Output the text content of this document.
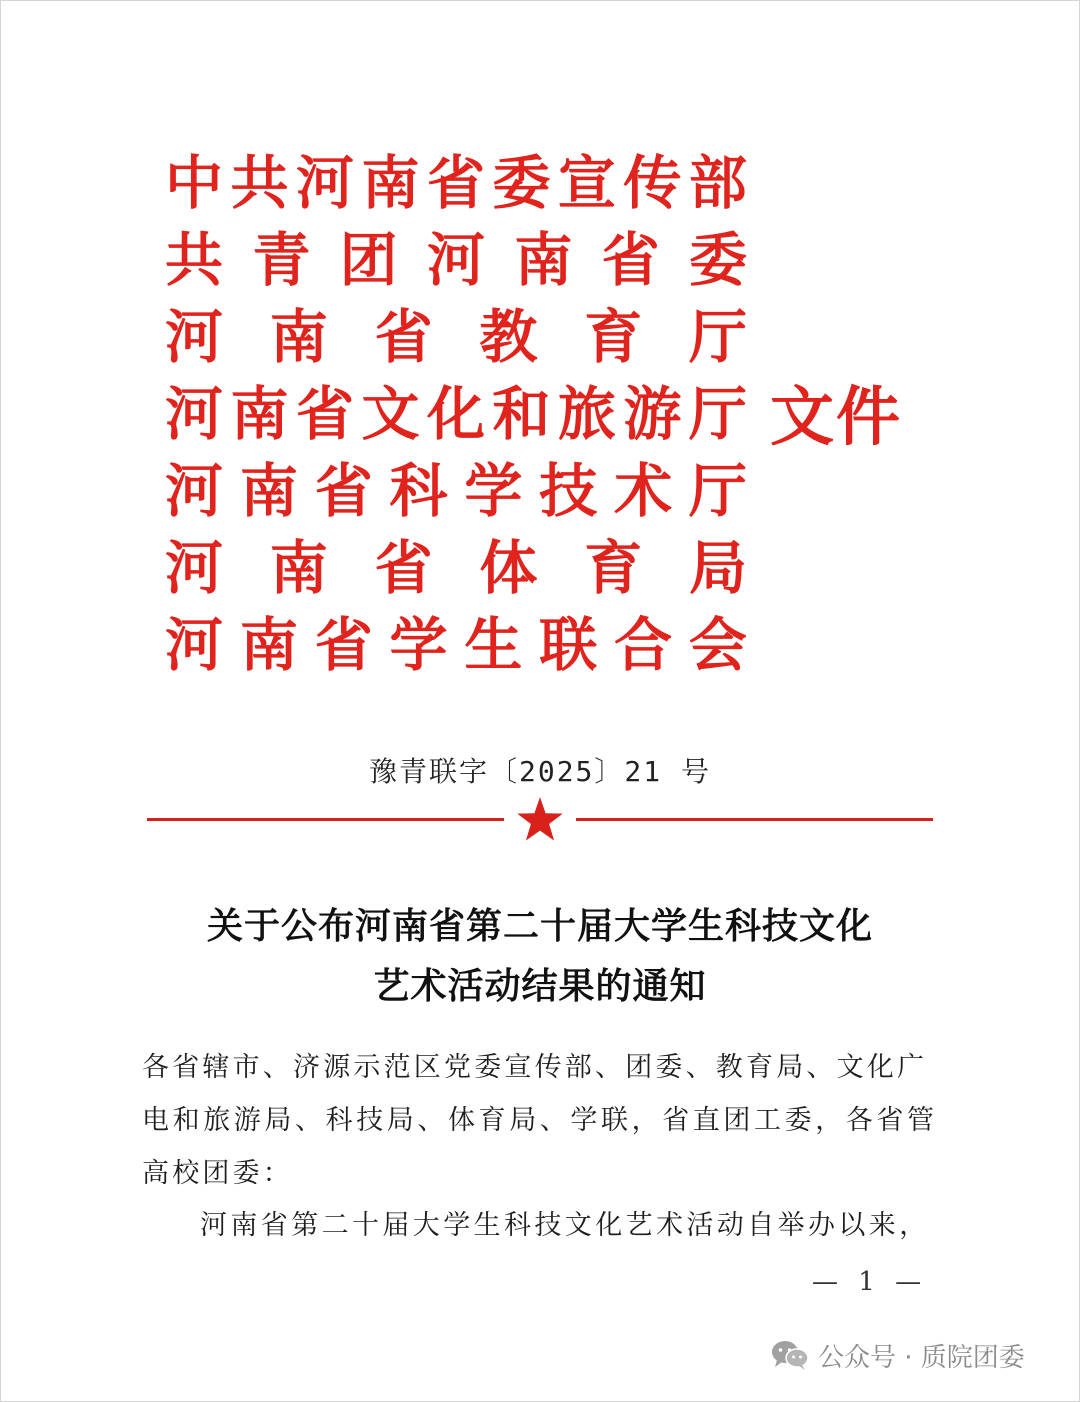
中 共 河 南 省 委 宣 传 部
共 青 团 河 南 省 委
河 南 省 教 育 厅
河 南 省 文 化 和 旅 游 厅
河 南 省 科 学 技 术 厅
河 南 省 体 育 局
河 南 省 学 生 联 合 会
文件
豫青联字〔2025〕21 号
关于公布河南省第二十届大学生科技文化
艺术活动结果的通知
各省辖市、济源示范区党委宣传部、团委、教育局、文化广
电和旅游局、科技局、体育局、学联，省直团工委，各省管
高校团委：
河南省第二十届大学生科技文化艺术活动自举办以来，
— 1 —
公众号 · 质院团委
